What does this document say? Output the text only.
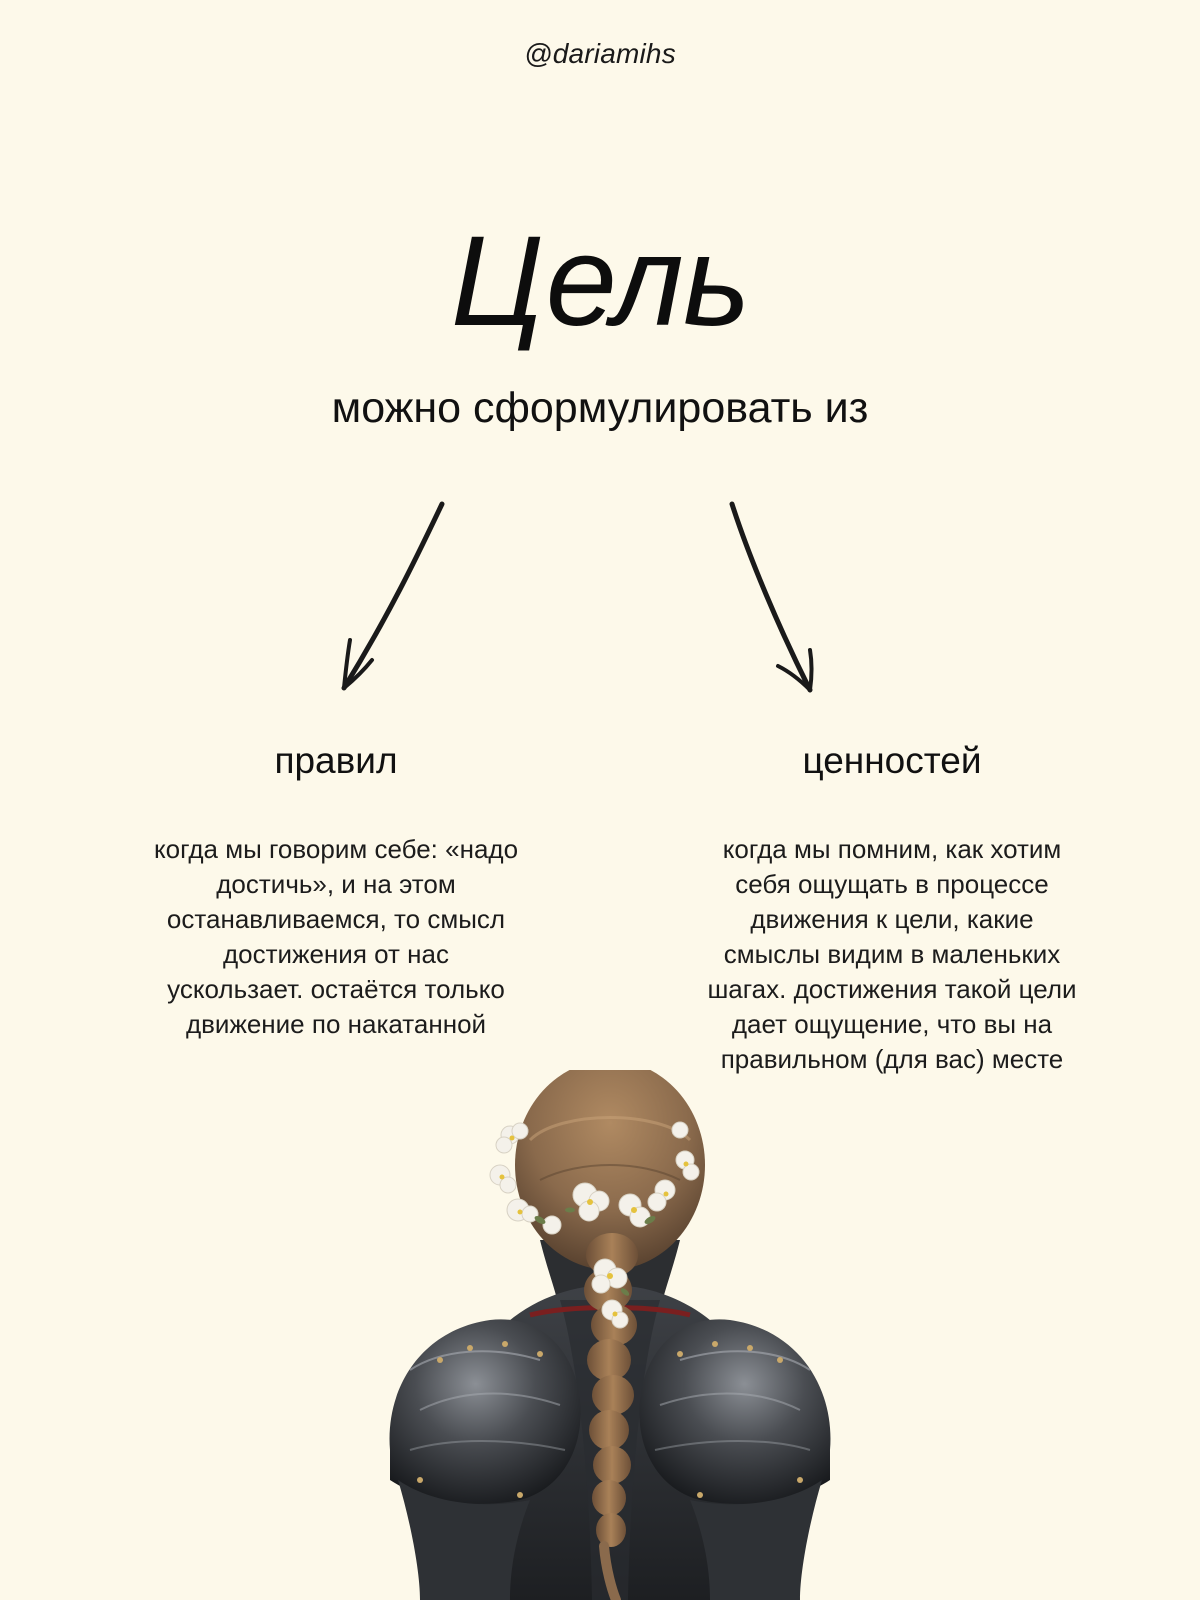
@dariamihs
Цель
можно сформулировать из
правил
когда мы говорим себе: «надо
достичь», и на этом
останавливаемся, то смысл
достижения от нас
ускользает. остаётся только
движение по накатанной
ценностей
когда мы помним, как хотим
себя ощущать в процессе
движения к цели, какие
смыслы видим в маленьких
шагах. достижения такой цели
дает ощущение, что вы на
правильном (для вас) месте
